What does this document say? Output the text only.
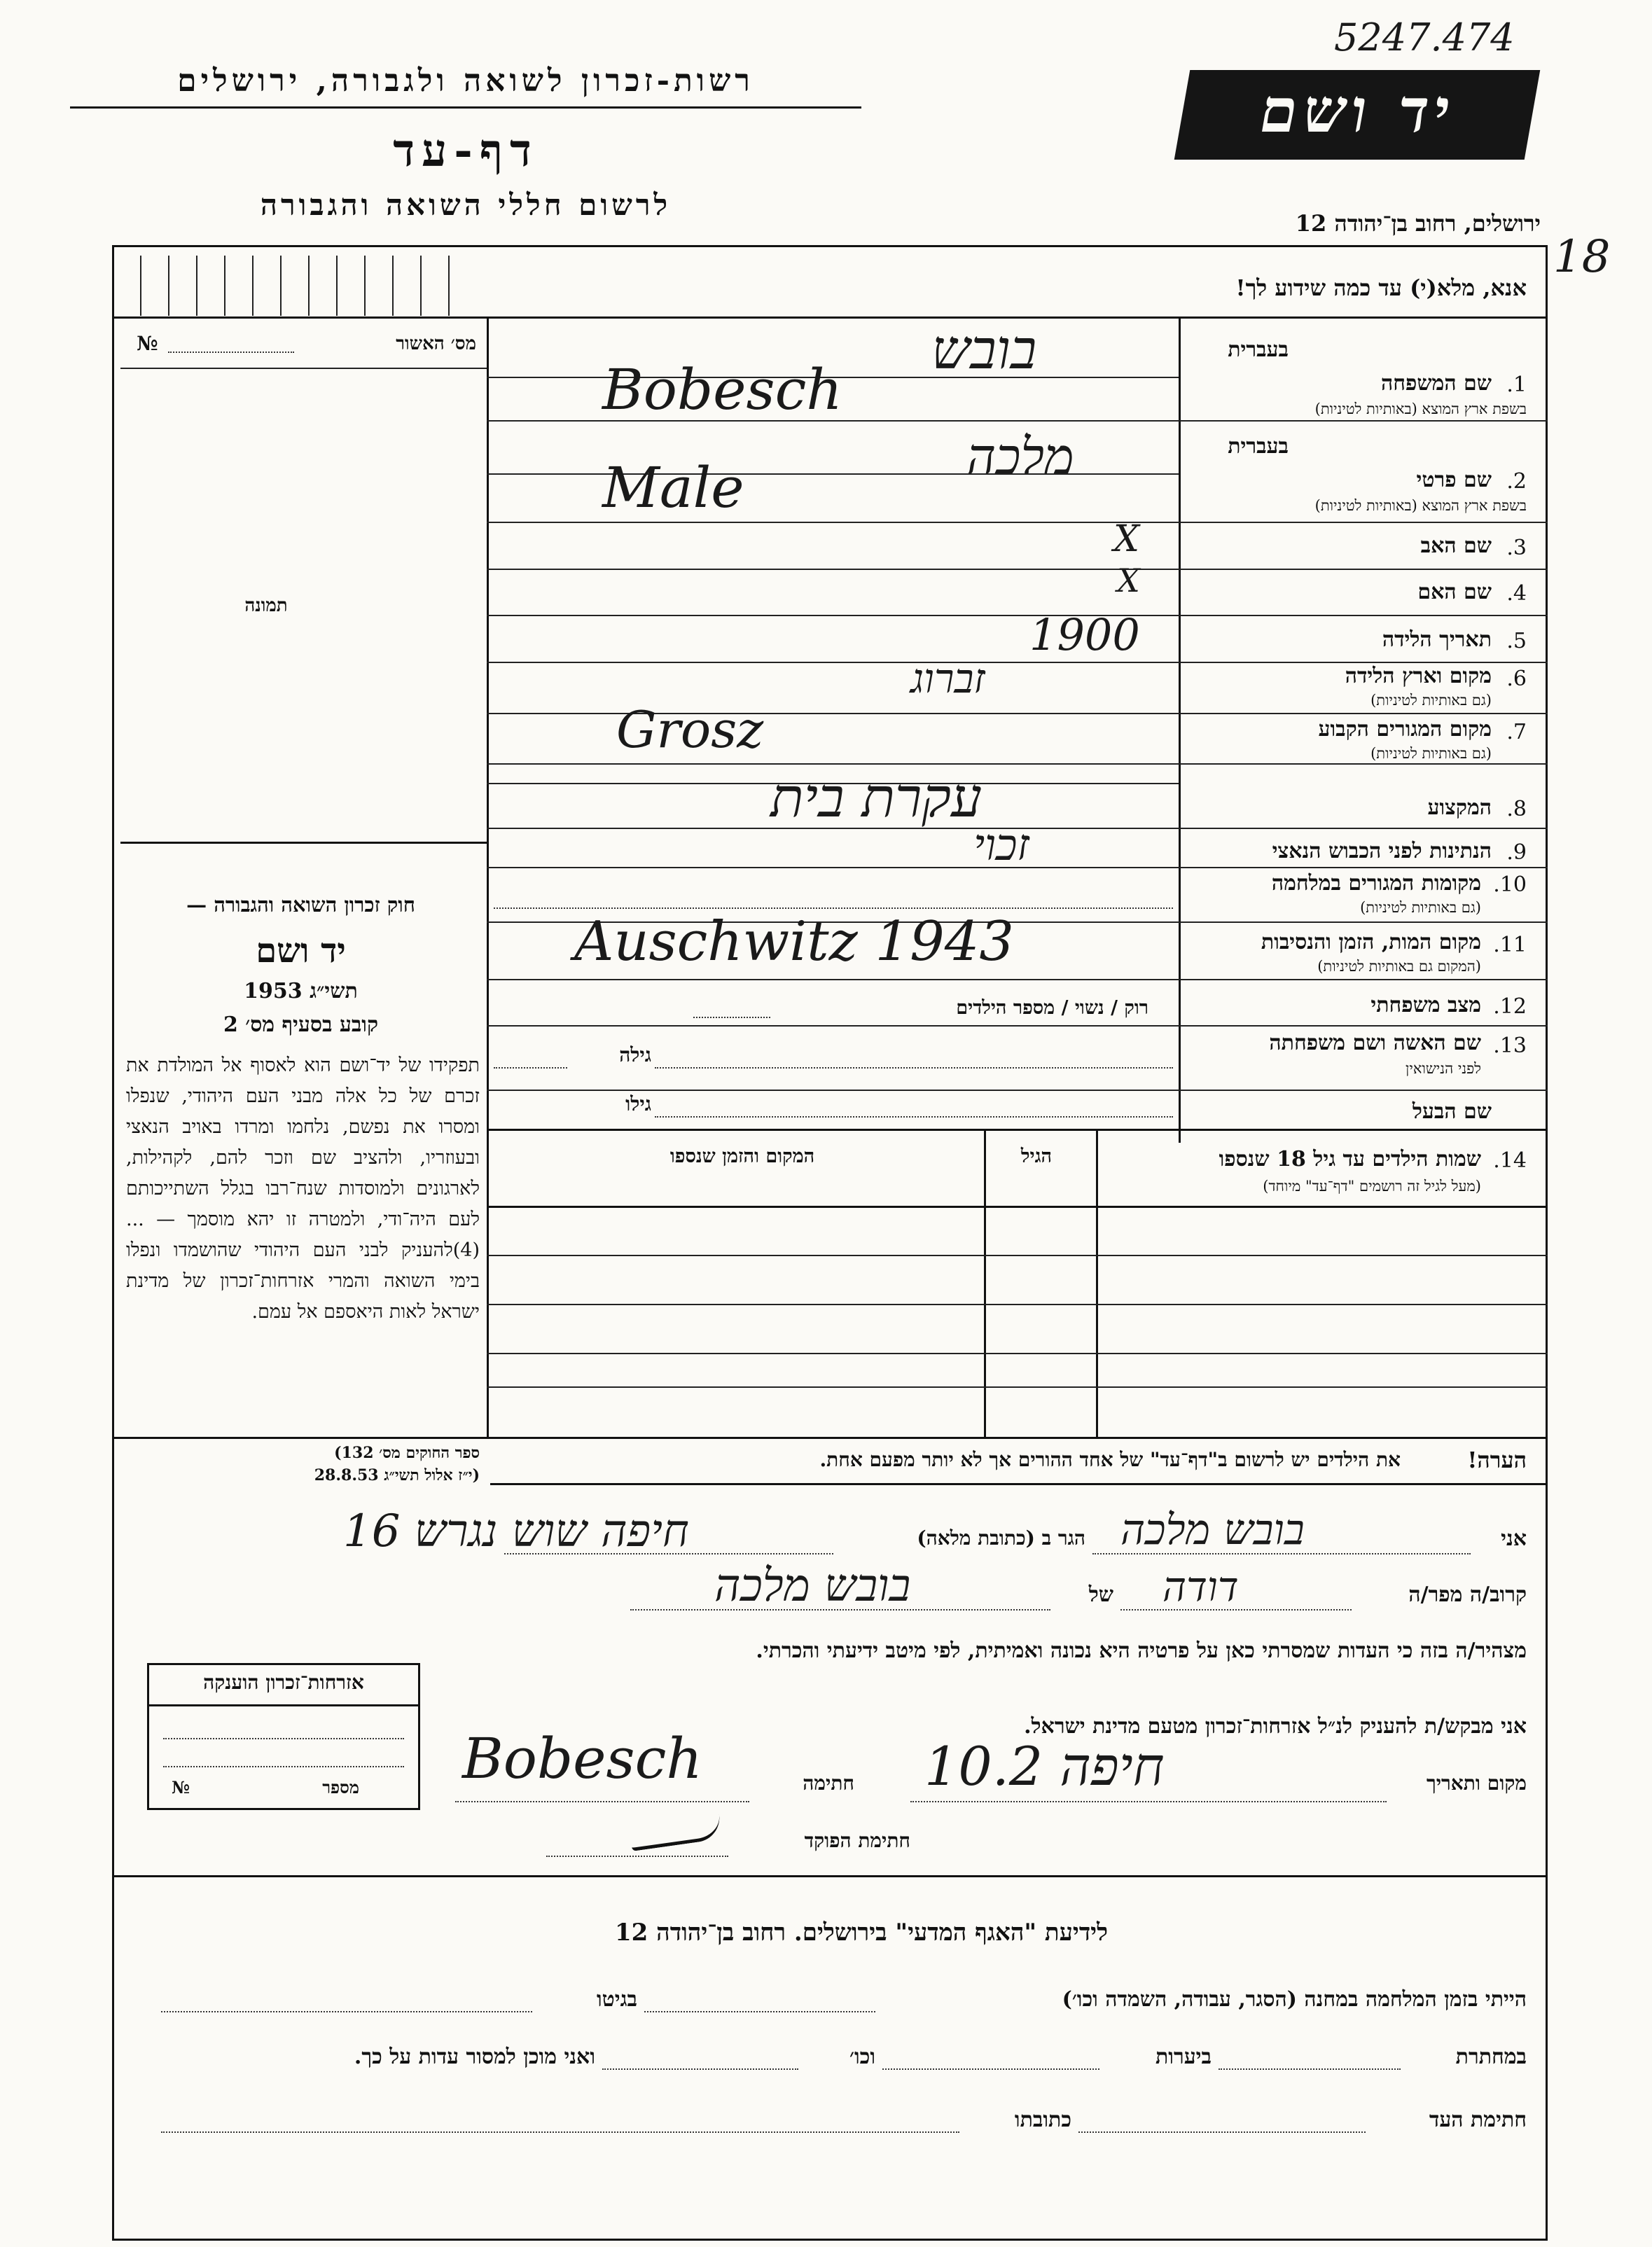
רשות-זכרון לשואה ולגבורה, ירושלים
דף-עד
לרשום חללי השואה והגבורה
יד ושם
5247.474
18
ירושלים, רחוב בן־יהודה 12
אנא, מלא(י) עד כמה שידוע לך!
מס׳ האשור
№
תמונה
חוק זכרון השואה והגבורה —
יד ושם
תשי״ג 1953
קובע בסעיף מס׳ 2
תפקידו של יד־ושם הוא לאסוף אל המולדת את זכרם של כל אלה מבני העם היהודי, שנפלו ומסרו את נפשם, נלחמו ומרדו באויב הנאצי ובעוזריו, ולהציב שם וזכר להם, לקהילות, לארגונים ולמוסדות שנח־רבו בגלל השתייכותם לעם היה־ודי, ולמטרה זו יהא מוסמך — ...(4)להעניק לבני העם היהודי שהושמדו ונפלו בימי השואה והמרי אזרחות־זכרון של מדינת ישראל לאות היאספם אל עמם.
(ספר החוקים מס׳ 132
י״ז אלול תשי״ג 28.8.53)
בעברית
1.
שם המשפחה
בשפת ארץ המוצא (באותיות לטיניות)
בובש
Bobesch
בעברית
2.
שם פרטי
בשפת ארץ המוצא (באותיות לטיניות)
מלכה
Male
3.
שם האב
X
4.
שם האם
X
5.
תאריך הלידה
1900
6.
מקום וארץ הלידה
(גם באותיות לטיניות)
זברוג
7.
מקום המגורים הקבוע
(גם באותיות לטיניות)
Grosz
8.
המקצוע
עקרת בית
9.
הנתינות לפני הכבוש הנאצי
זכוי
10.
מקומות המגורים במלחמה
(גם באותיות לטיניות)
11.
מקום המות, הזמן והנסיבות
(המקום גם באותיות לטיניות)
Auschwitz 1943
12.
מצב משפחתי
רוק / נשוי / מספר הילדים
13.
שם האשה ושם משפחתה
לפני הנישואין
גילה
שם הבעל
גילו
14.
שמות הילדים עד גיל 18 שנספו
(מעל לגיל זה רושמים "דף־עד" מיוחד)
הגיל
המקום והזמן שנספו
הערה!
את הילדים יש לרשום ב"דף־עד" של אחד ההורים אך לא יותר מפעם אחת.
אני
בובש מלכה
הגר ב (כתובת מלאה)
חיפה שוש נגרש 16
קרוב/ה מפר/ה
דודה
של
בובש מלכה
מצהיר/ה בזה כי העדות שמסרתי כאן על פרטיה היא נכונה ואמיתית, לפי מיטב ידיעתי והכרתי.
אני מבקש/ת להעניק לנ״ל אזרחות־זכרון מטעם מדינת ישראל.
מקום ותאריך
חיפה 10.2
חתימה
Bobesch
חתימת הפוקד
אזרחות־זכרון הוענקה
מספר
№
לידיעת "האגף המדעי" בירושלים. רחוב בן־יהודה 12
הייתי בזמן המלחמה במחנה (הסגר, עבודה, השמדה וכו׳)
בגיטו
במחתרת
ביערות
וכו׳
ואני מוכן למסור עדות על כך.
חתימת העד
כתובתו
